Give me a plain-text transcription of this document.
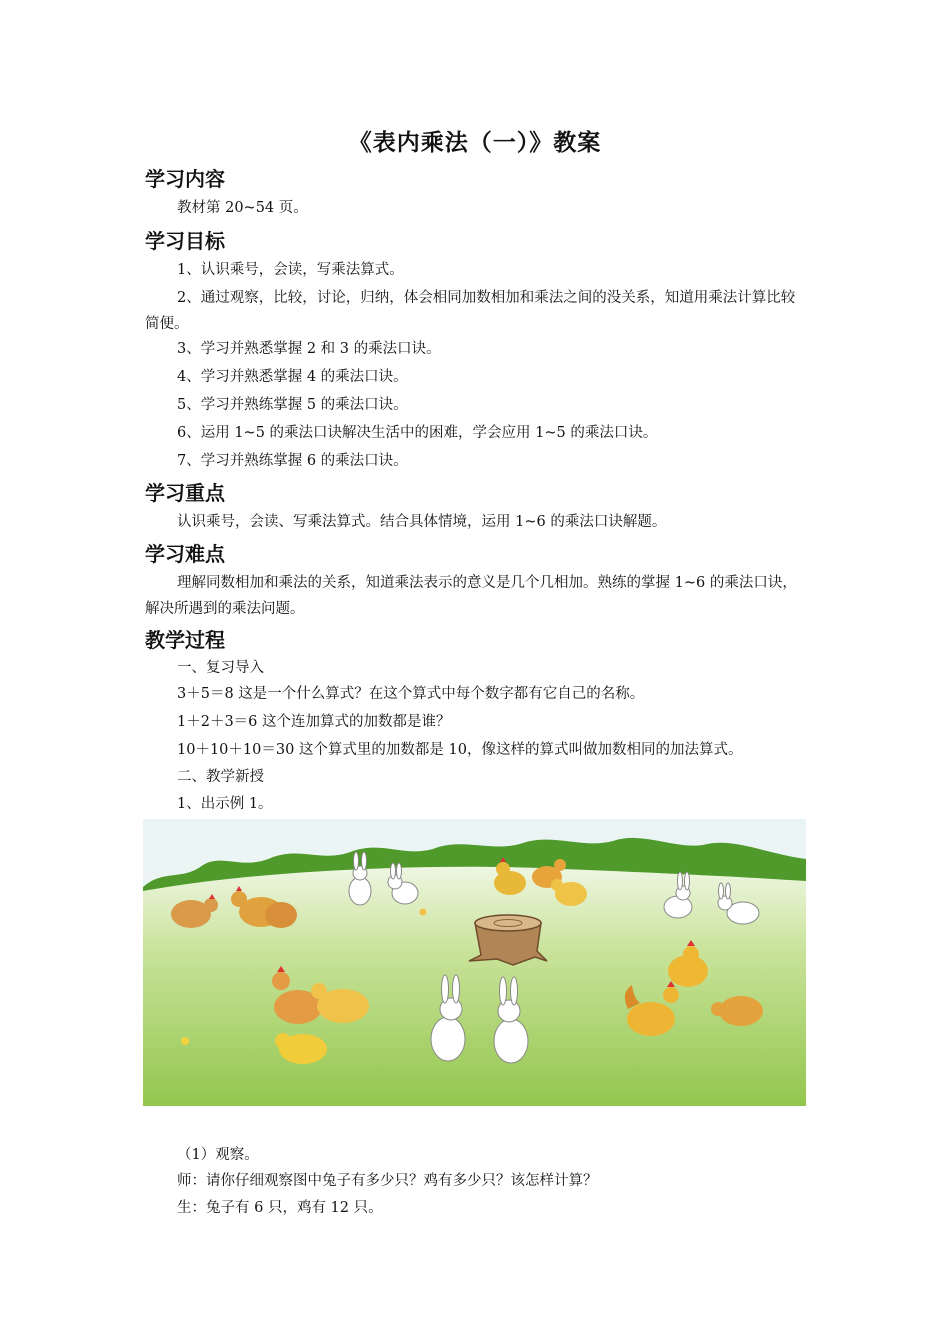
《表内乘法（一）》教案
学习内容
教材第 20~54 页。
学习目标
1、认识乘号，会读，写乘法算式。
2、通过观察，比较，讨论，归纳，体会相同加数相加和乘法之间的没关系，知道用乘法计算比较简便。
3、学习并熟悉掌握 2 和 3 的乘法口诀。
4、学习并熟悉掌握 4 的乘法口诀。
5、学习并熟练掌握 5 的乘法口诀。
6、运用 1~5 的乘法口诀解决生活中的困难，学会应用 1~5 的乘法口诀。
7、学习并熟练掌握 6 的乘法口诀。
学习重点
认识乘号，会读、写乘法算式。结合具体情境，运用 1~6 的乘法口诀解题。
学习难点
理解同数相加和乘法的关系，知道乘法表示的意义是几个几相加。熟练的掌握 1~6 的乘法口诀，解决所遇到的乘法问题。
教学过程
一、复习导入
3＋5＝8 这是一个什么算式？在这个算式中每个数字都有它自己的名称。
1＋2＋3＝6 这个连加算式的加数都是谁？
10＋10＋10＝30 这个算式里的加数都是 10，像这样的算式叫做加数相同的加法算式。
二、教学新授
1、出示例 1。
（1）观察。
师：请你仔细观察图中兔子有多少只？鸡有多少只？该怎样计算？
生：兔子有 6 只，鸡有 12 只。
